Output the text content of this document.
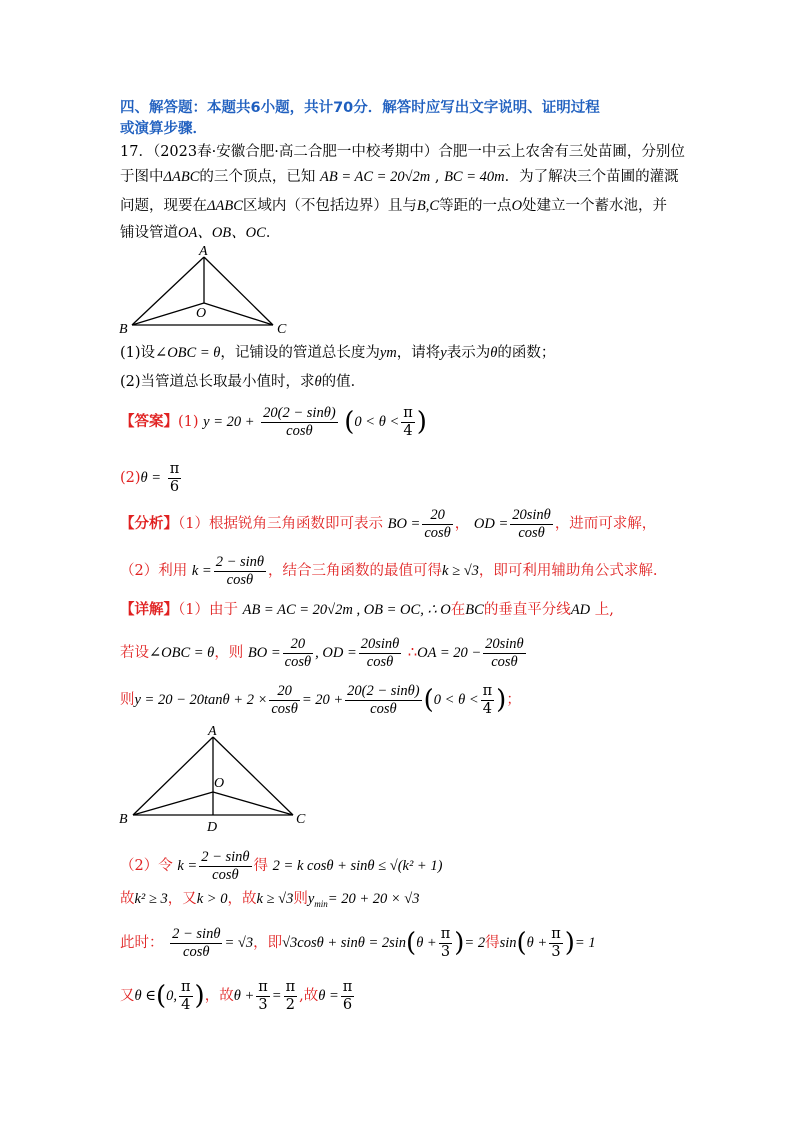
四、解答题：本题共6小题，共计70分．解答时应写出文字说明、证明过程
或演算步骤．
17．（2023春·安徽合肥·高二合肥一中校考期中）合肥一中云上农舍有三处苗圃，分别位
于图中ΔABC的三个顶点，已知 AB = AC = 20√2m , BC = 40m．为了解决三个苗圃的灌溉
问题，现要在ΔABC区域内（不包括边界）且与B,C等距的一点O处建立一个蓄水池，并
铺设管道OA、OB、OC．
A
B	C
O
(1)设∠OBC = θ，记铺设的管道总长度为ym，请将y表示为θ的函数；
(2)当管道总长取最小值时，求θ的值．
【答案】(1) $y = 20 + \frac{20(2 - \sin\theta)}{\cos\theta} (0 < \theta < \frac{\pi}{4}$ )
$(2)\theta = \frac{\pi}{6}$
【分析】（1）根据锐角三角函数即可表示 BO = $\frac{20}{\cos\theta}$ ， OD = $\frac{20\sin\theta}{\cos\theta}$ ，进而可求解，
（2）利用 $k = \frac{2 - \sin\theta}{\cos\theta}$ ，结合三角函数的最值可得k ≥ √3，即可利用辅助角公式求解.
【详解】（1）由于 AB = AC = 20√2m , OB = OC, ∴ O在BC的垂直平分线AD 上,
若设∠OBC = θ，则 BO = $\frac{20}{\cos\theta}$ , OD = $\frac{20\sin\theta}{\cos\theta}$ ∴OA = $20 - \frac{20\sin\theta}{\cos\theta}$
则$y = 20 - 20\tan\theta + 2 \times \frac{20}{\cos\theta} = 20 + \frac{20(2 - \sin\theta)}{\cos\theta} (0 < \theta < \frac{\pi}{4}$ )；
A
B	C
O
D
（2）令 $k = \frac{2 - \sin\theta}{\cos\theta}$ 得 2 = k cosθ + sinθ ≤ √(k² + 1)
故k² ≥ 3，又k > 0，故k ≥ √3则$y_{min}= 20 + 20 \times √3$
此时： $\frac{2 - \sin\theta}{\cos\theta} = √3$，即$√3\cos\theta + \sin\theta = 2\sin(\theta + \frac{\pi}{3}$ )= 2得$\sin(\theta + \frac{\pi}{3}$ )= 1
又θ ∈(0, $\frac{\pi}{4}$ )，故$\theta + \frac{\pi}{3} = \frac{\pi}{2}$ ,故$\theta = \frac{\pi}{6}$
